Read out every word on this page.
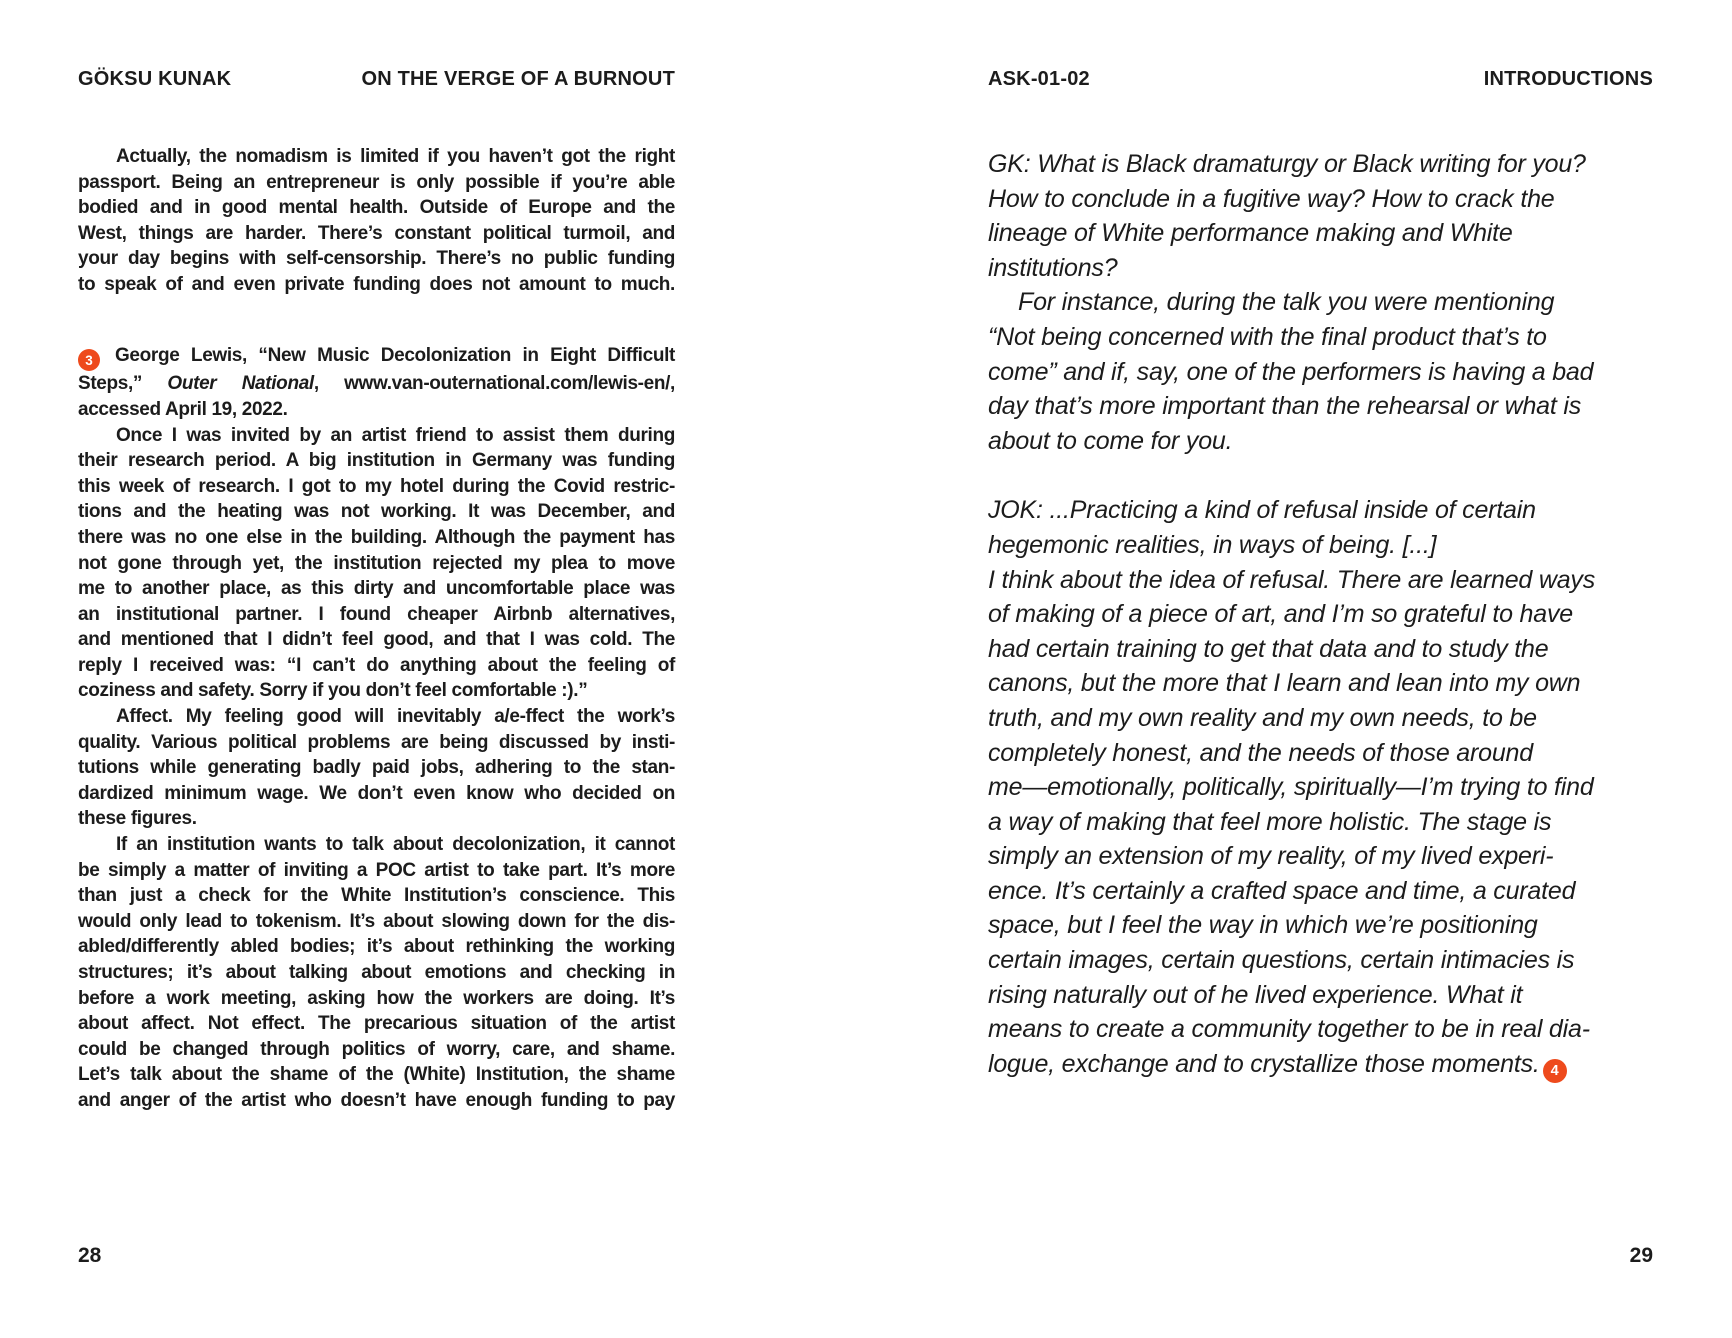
GÖKSU KUNAK	ON THE VERGE OF A BURNOUT
Actually, the nomadism is limited if you haven’t got the right
passport. Being an entrepreneur is only possible if you’re able
bodied and in good mental health. Outside of Europe and the
West, things are harder. There’s constant political turmoil, and
your day begins with self-censorship. There’s no public funding
to speak of and even private funding does not amount to much.
3 George Lewis, “New Music Decolonization in Eight Difficult
Steps,” Outer National, www.van-outernational.com/lewis-en/,
accessed April 19, 2022.
Once I was invited by an artist friend to assist them during
their research period. A big institution in Germany was funding
this week of research. I got to my hotel during the Covid restric-
tions and the heating was not working. It was December, and
there was no one else in the building. Although the payment has
not gone through yet, the institution rejected my plea to move
me to another place, as this dirty and uncomfortable place was
an institutional partner. I found cheaper Airbnb alternatives,
and mentioned that I didn’t feel good, and that I was cold. The
reply I received was: “I can’t do anything about the feeling of
coziness and safety. Sorry if you don’t feel comfortable :).”
Affect. My feeling good will inevitably a/e-ffect the work’s
quality. Various political problems are being discussed by insti-
tutions while generating badly paid jobs, adhering to the stan-
dardized minimum wage. We don’t even know who decided on
these figures.
If an institution wants to talk about decolonization, it cannot
be simply a matter of inviting a POC artist to take part. It’s more
than just a check for the White Institution’s conscience. This
would only lead to tokenism. It’s about slowing down for the dis-
abled/differently abled bodies; it’s about rethinking the working
structures; it’s about talking about emotions and checking in
before a work meeting, asking how the workers are doing. It’s
about affect. Not effect. The precarious situation of the artist
could be changed through politics of worry, care, and shame.
Let’s talk about the shame of the (White) Institution, the shame
and anger of the artist who doesn’t have enough funding to pay
28
ASK-01-02	INTRODUCTIONS
GK: What is Black dramaturgy or Black writing for you?
How to conclude in a fugitive way? How to crack the
lineage of White performance making and White
institutions?
For instance, during the talk you were mentioning
“Not being concerned with the final product that’s to
come” and if, say, one of the performers is having a bad
day that’s more important than the rehearsal or what is
about to come for you.
JOK: ...Practicing a kind of refusal inside of certain
hegemonic realities, in ways of being. [...]
I think about the idea of refusal. There are learned ways
of making of a piece of art, and I’m so grateful to have
had certain training to get that data and to study the
canons, but the more that I learn and lean into my own
truth, and my own reality and my own needs, to be
completely honest, and the needs of those around
me—emotionally, politically, spiritually—I’m trying to find
a way of making that feel more holistic. The stage is
simply an extension of my reality, of my lived experi-
ence. It’s certainly a crafted space and time, a curated
space, but I feel the way in which we’re positioning
certain images, certain questions, certain intimacies is
rising naturally out of he lived experience. What it
means to create a community together to be in real dia-
logue, exchange and to crystallize those moments. 4
29
